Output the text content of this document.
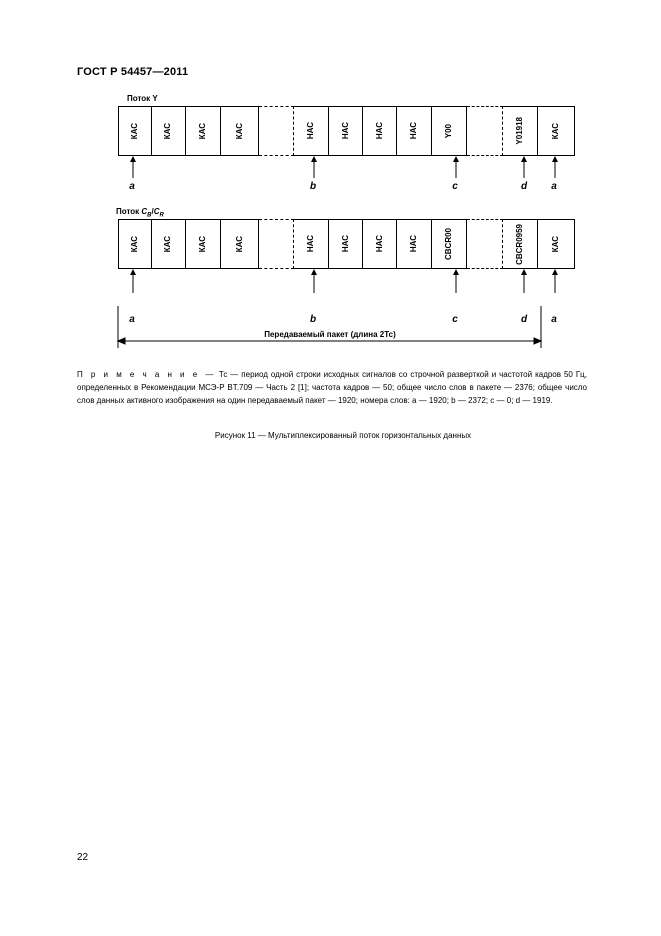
ГОСТ Р 54457—2011
Поток Y
КАС	КАС	КАС	КАС	НАС	НАС	НАС	НАС	Y00	Y01918	КАС
a	b	c	d a
Поток $C_B/C_R$
КАС	КАС	КАС	КАС	НАС	НАС	НАС	НАС	CBCR00	CBCR0959	КАС
a	b	c	d a
Передаваемый пакет (длина 2Тс)
П р и м е ч а н и е — Тс — период одной строки исходных сигналов со строчной разверткой и частотой кадров 50 Гц, определенных в Рекомендации МСЭ-Р BT.709 — Часть 2 [1]; частота кадров — 50; общее число слов в пакете — 2376; общее число слов данных активного изображения на один передаваемый пакет — 1920; номера слов: a — 1920; b — 2372; c — 0; d — 1919.
Рисунок 11 — Мультиплексированный поток горизонтальных данных
22
